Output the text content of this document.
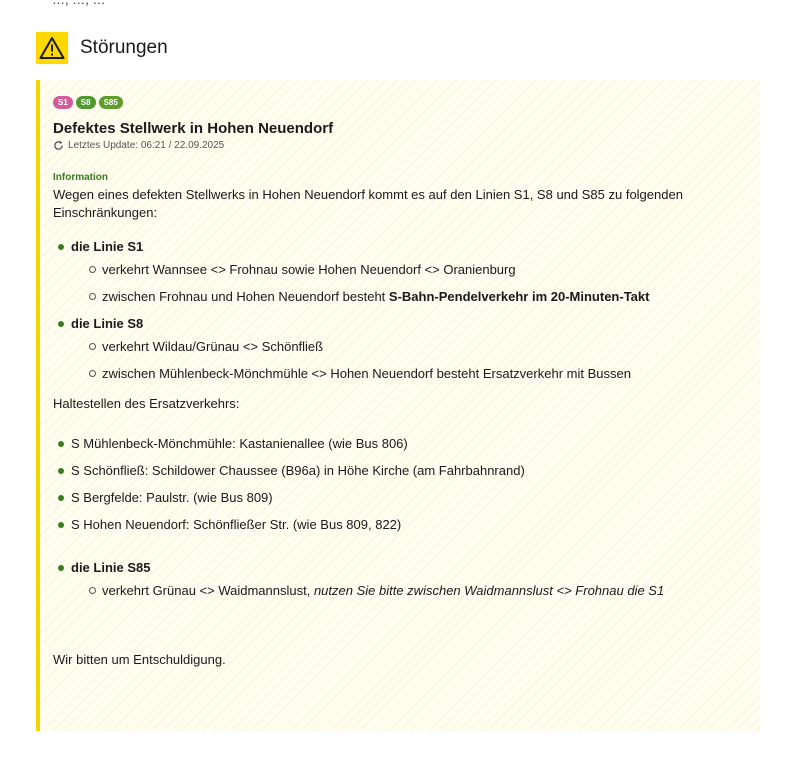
Störungen
S1	S8	S85
Defektes Stellwerk in Hohen Neuendorf
Letztes Update: 06:21 / 22.09.2025
Information

Wegen eines defekten Stellwerks in Hohen Neuendorf kommt es auf den Linien S1, S8 und S85 zu folgenden Einschränkungen:

die Linie S1
verkehrt Wannsee <> Frohnau sowie Hohen Neuendorf <> Oranienburg
zwischen Frohnau und Hohen Neuendorf besteht S-Bahn-Pendelverkehr im 20-Minuten-Takt
die Linie S8
verkehrt Wildau/Grünau <> Schönfließ
zwischen Mühlenbeck-Mönchmühle <> Hohen Neuendorf besteht Ersatzverkehr mit Bussen

Haltestellen des Ersatzverkehrs:

S Mühlenbeck-Mönchmühle: Kastanienallee (wie Bus 806)
S Schönfließ: Schildower Chaussee (B96a) in Höhe Kirche (am Fahrbahnrand)
S Bergfelde: Paulstr. (wie Bus 809)
S Hohen Neuendorf: Schönfließer Str. (wie Bus 809, 822)
die Linie S85
verkehrt Grünau <> Waidmannslust, nutzen Sie bitte zwischen Waidmannslust <> Frohnau die S1

Wir bitten um Entschuldigung.
